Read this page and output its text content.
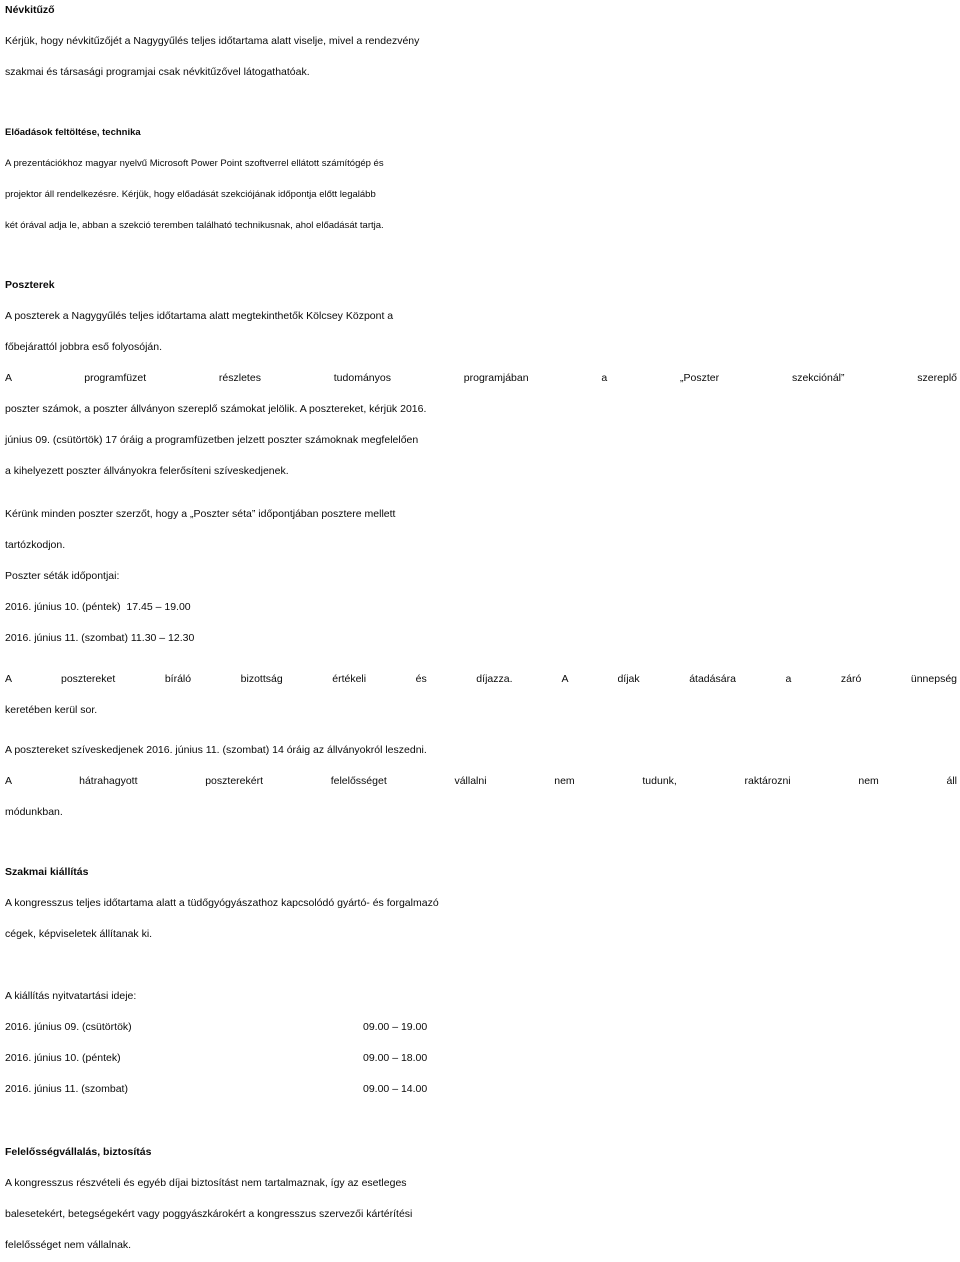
Névkitűző
Kérjük, hogy névkitűzőjét a Nagygyűlés teljes időtartama alatt viselje, mivel a rendezvény
szakmai és társasági programjai csak névkitűzővel látogathatóak.
Előadások feltöltése, technika
A prezentációkhoz magyar nyelvű Microsoft Power Point szoftverrel ellátott számítógép és
projektor áll rendelkezésre. Kérjük, hogy előadását szekciójának időpontja előtt legalább
két órával adja le, abban a szekció teremben található technikusnak, ahol előadását tartja.
Poszterek
A poszterek a Nagygyűlés teljes időtartama alatt megtekinthetők Kölcsey Központ a
főbejárattól jobbra eső folyosóján.
A programfüzet részletes tudományos programjában a „Poszter szekciónál” szereplő
poszter számok, a poszter állványon szereplő számokat jelölik. A posztereket, kérjük 2016.
június 09. (csütörtök) 17 óráig a programfüzetben jelzett poszter számoknak megfelelően
a kihelyezett poszter állványokra felerősíteni szíveskedjenek.
Kérünk minden poszter szerzőt, hogy a „Poszter séta” időpontjában posztere mellett
tartózkodjon.
Poszter séták időpontjai:
2016. június 10. (péntek)  17.45 – 19.00
2016. június 11. (szombat) 11.30 – 12.30
A posztereket bíráló bizottság értékeli és díjazza. A díjak átadására a záró ünnepség
keretében kerül sor.
A posztereket szíveskedjenek 2016. június 11. (szombat) 14 óráig az állványokról leszedni.
A hátrahagyott poszterekért felelősséget vállalni nem tudunk, raktározni nem áll
módunkban.
Szakmai kiállítás
A kongresszus teljes időtartama alatt a tüdőgyógyászathoz kapcsolódó gyártó- és forgalmazó
cégek, képviseletek állítanak ki.
A kiállítás nyitvatartási ideje:
2016. június 09. (csütörtök)	09.00 – 19.00
2016. június 10. (péntek)	09.00 – 18.00
2016. június 11. (szombat)	09.00 – 14.00
Felelősségvállalás, biztosítás
A kongresszus részvételi és egyéb díjai biztosítást nem tartalmaznak, így az esetleges
balesetekért, betegségekért vagy poggyászkárokért a kongresszus szervezői kártérítési
felelősséget nem vállalnak.
